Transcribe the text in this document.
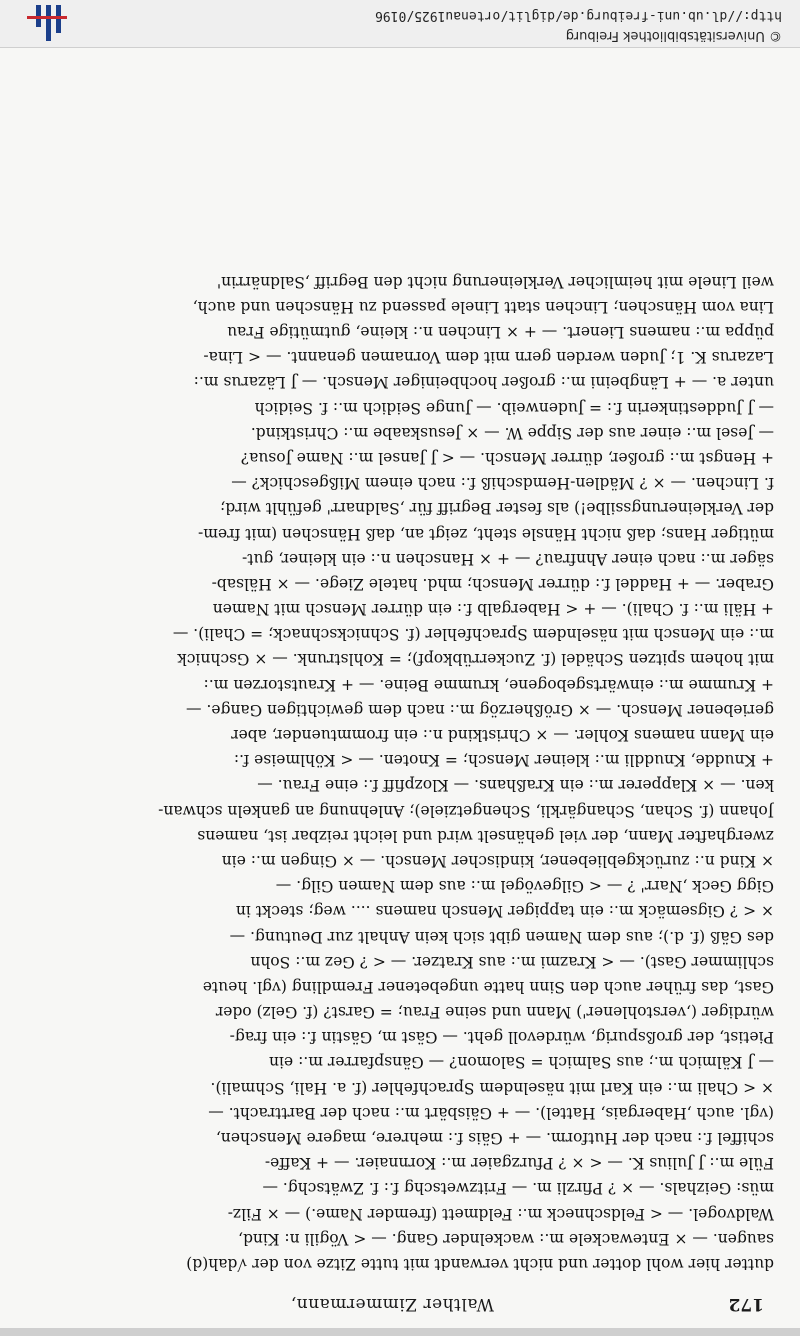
172
Walther Zimmermann,
dutter hier wohl dotter und nicht verwandt mit tutte Zitze von der √dah(d)
saugen. — × Entewackele m.: wackelnder Gang. — < Vögili n: Kind,
Waldvogel. — < Feldschneck m.: Feldmett (fremder Name.) — × Filz-
müs: Geizhals. — × ? Pfirzli m. — Fritzwetschg f.: f. Zwätschg. —
Füle m.: J Julius K. — < × ? Pfurzgaier m.: Kornnaier. — + Kaffe-
schiffel f.: nach der Hutform. — + Gäis f.: mehrere, magere Menschen,
(vgl. auch ,Habergais, Hattel). — + Gäisbärt m.: nach der Barttracht. —
× < Chali m.: ein Karl mit näselndem Sprachfehler (f. a. Hali, Schmali).
— J Kälmich m.; aus Salmich = Salomon? — Gänspfarrer m.: ein
Pietist, der großspurig, würdevoll geht. — Gäst m, Gästin f.: ein frag-
würdiger (,verstohlener') Mann und seine Frau; = Garst? (f. Gelz) oder
Gast, das früher auch den Sinn hatte ungebetener Fremdling (vgl. heute
schlimmer Gast). — < Krazmi m.: aus Kratzer. — < ? Gez m.: Sohn
des Gäß (f. d.); aus dem Namen gibt sich kein Anhalt zur Deutung. —
× < ? Gigsemäck m.: ein tappiger Mensch namens .... weg; steckt in
Gigg Geck ,Narr' ? — < Gilgevögel m.: aus dem Namen Gilg. —
× Kind n.: zurückgebliebener, kindischer Mensch. — × Gingen m.: ein
zwerghafter Mann, der viel gehänselt wird und leicht reizbar ist, namens
Johann (f. Schan, Schangärkli, Schengetziele); Anlehnung an gankeln schwan-
ken. — × Klapperer m.: ein Kraßhans. — Klozpfiff f.: eine Frau. —
+ Knudde, Knuddli m.: kleiner Mensch; = Knoten. — < Köhlmeise f.:
ein Mann namens Kohler. — × Christkind n.: ein frommtuender, aber
geriebener Mensch. — × Größherzög m.: nach dem gewichtigen Gange. —
+ Krumme m.: einwärtsgebogene, krumme Beine. — + Krautstorzen m.:
mit hohem spitzen Schädel (f. Zuckerrübkopf); = Kohlstrunk. — × Gschnick
m.: ein Mensch mit näselndem Sprachfehler (f. Schnickschnack; = Chali). —
+ Häli m.: f. Chali). — + < Habergalb f.: ein dürrer Mensch mit Namen
Graber. — + Haddel f.: dürrer Mensch; mhd. hatele Ziege. — × Hälsab-
säger m.: nach einer Ahnfrau? — + × Hanschen n.: ein kleiner, gut-
mütiger Hans; daß nicht Hänsle steht, zeigt an, daß Hänschen (mit frem-
der Verkleinerungssilbe!) als fester Begriff für ,Saldnarr' gefühlt wird;
f. Linchen. — × ? Mädlen-Hemdschiß f.: nach einem Mißgeschick? —
+ Hengst m.: großer, dürrer Mensch. — < J Jansel m.: Name Josua?
— Jesel m.: einer aus der Sippe W. — × Jesuskaabe m.: Christkind.
— J Juddestinkerin f.: = Judenweib. — Junge Seidich m.: f. Seidich
unter a. — + Längbeini m.: großer hochbeiniger Mensch. — J Läzarus m.:
Lazarus K. 1; Juden werden gern mit dem Vornamen genannt. — < Lina-
püppa m.: namens Lienert. — + × Linchen n.: kleine, gutmütige Frau
Lina vom Hänschen; Linchen statt Linele passend zu Hänschen und auch,
weil Linele mit heimlicher Verkleinerung nicht den Begriff ,Saldnärrin'
© Universitätsbibliothek Freiburg
http://dl.ub.uni-freiburg.de/diglit/ortenau1925/0196
